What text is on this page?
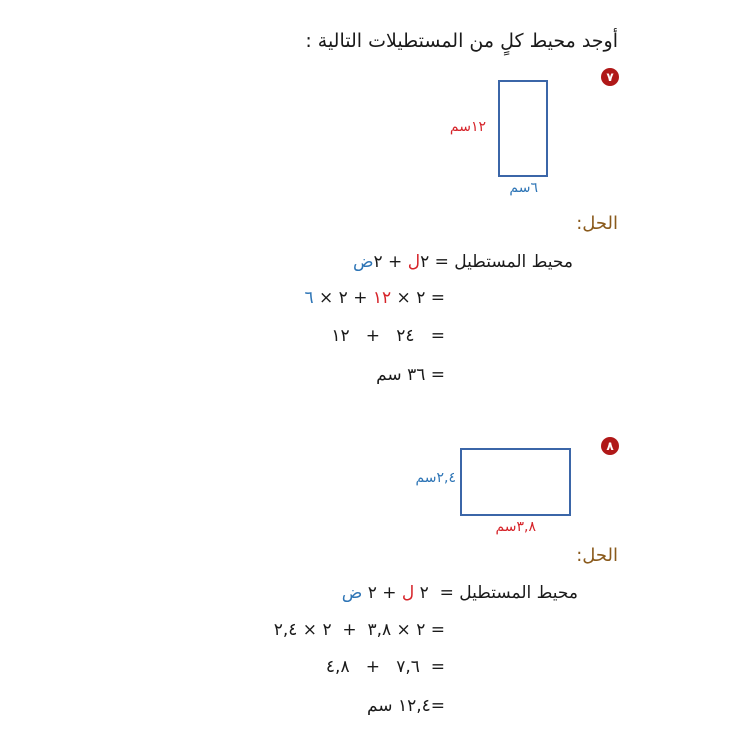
أوجد محيط كلٍ من المستطيلات التالية :
٧
١٢سم
٦سم
الحل:
محيط المستطيل = ٢ل + ٢ض
= ٢ × ١٢ + ٢ × ٦
=   ٢٤   +   ١٢
= ٣٦ سم
٨
٢,٤سم
٣,٨سم
الحل:
محيط المستطيل =  ٢ ل + ٢ ض
= ٢ × ٣,٨  +  ٢ × ٢,٤
=  ٧,٦   +   ٤,٨
=١٢,٤ سم
